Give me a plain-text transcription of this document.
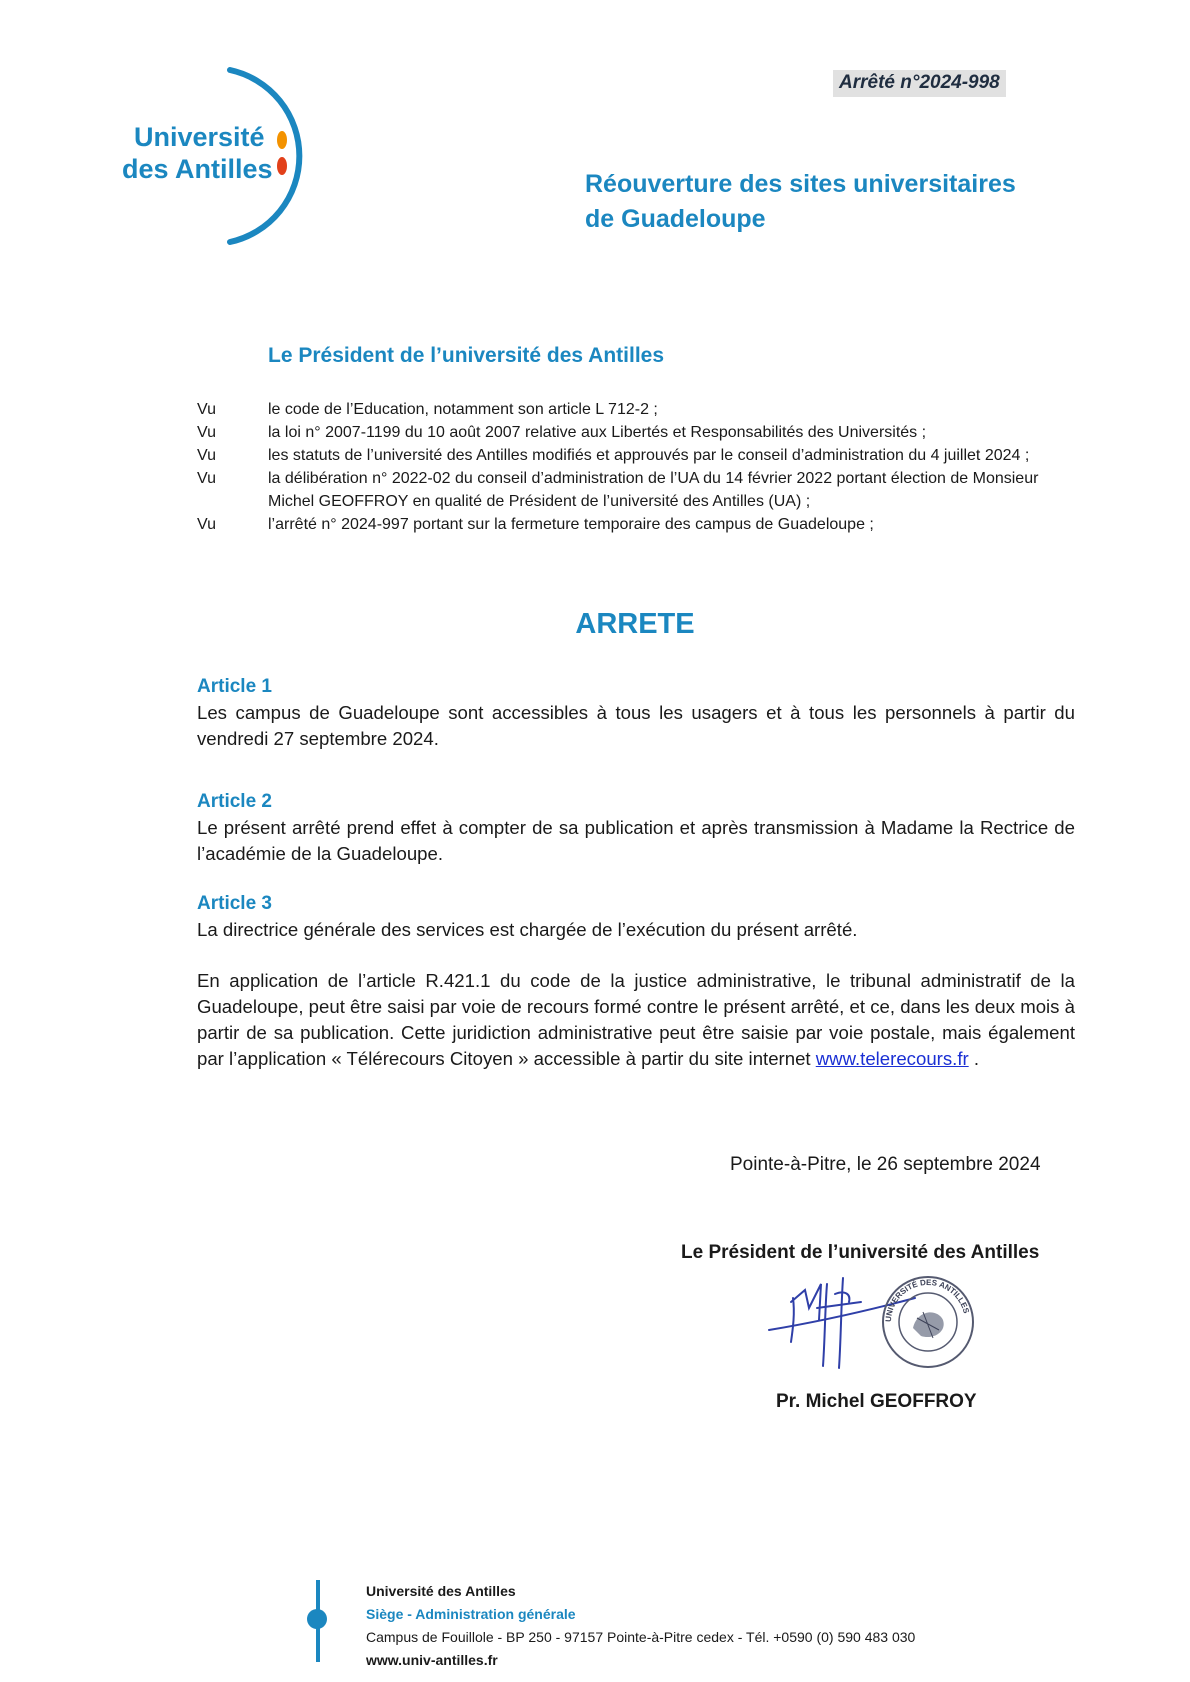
Université
des Antilles
Arrêté n°2024-998
Réouverture des sites universitaires
de Guadeloupe
Le Président de l’université des Antilles
Vu	le code de l’Education, notamment son article L 712-2 ;
Vu	la loi n° 2007-1199 du 10 août 2007 relative aux Libertés et Responsabilités des Universités ;
Vu	les statuts de l’université des Antilles modifiés et approuvés par le conseil d’administration du 4 juillet 2024 ;
Vu	la délibération n° 2022-02 du conseil d’administration de l’UA du 14 février 2022 portant élection de Monsieur Michel GEOFFROY en qualité de Président de l’université des Antilles (UA) ;
Vu	l’arrêté n° 2024-997 portant sur la fermeture temporaire des campus de Guadeloupe ;
ARRETE
Article 1
Les campus de Guadeloupe sont accessibles à tous les usagers et à tous les personnels à partir du vendredi 27 septembre 2024.
Article 2
Le présent arrêté prend effet à compter de sa publication et après transmission à Madame la Rectrice de l’académie de la Guadeloupe.
Article 3
La directrice générale des services est chargée de l’exécution du présent arrêté.
En application de l’article R.421.1 du code de la justice administrative, le tribunal administratif de la Guadeloupe, peut être saisi par voie de recours formé contre le présent arrêté, et ce, dans les deux mois à partir de sa publication. Cette juridiction administrative peut être saisie par voie postale, mais également par l’application « Télérecours Citoyen » accessible à partir du site internet www.telerecours.fr .
Pointe-à-Pitre, le 26 septembre 2024
Le Président de l’université des Antilles
UNIVERSITÉ DES ANTILLES
Pr. Michel GEOFFROY
Université des Antilles
Siège - Administration générale
Campus de Fouillole - BP 250 - 97157 Pointe-à-Pitre cedex - Tél. +0590 (0) 590 483 030
www.univ-antilles.fr
